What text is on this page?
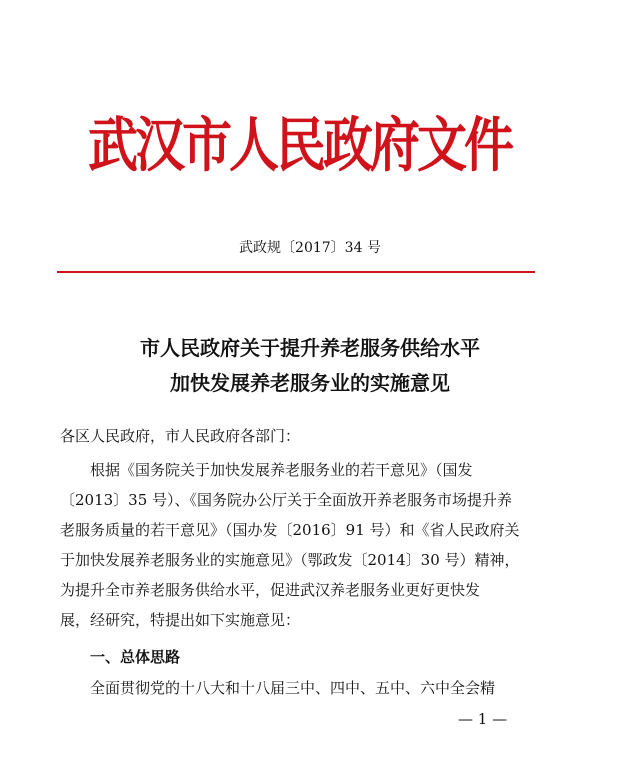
武汉市人民政府文件
武政规〔2017〕34 号
市人民政府关于提升养老服务供给水平
加快发展养老服务业的实施意见
各区人民政府，市人民政府各部门：
根据《国务院关于加快发展养老服务业的若干意见》（国发
〔2013〕35 号）、《国务院办公厅关于全面放开养老服务市场提升养
老服务质量的若干意见》（国办发〔2016〕91 号）和《省人民政府关
于加快发展养老服务业的实施意见》（鄂政发〔2014〕30 号）精神，
为提升全市养老服务供给水平，促进武汉养老服务业更好更快发
展，经研究，特提出如下实施意见：
一、总体思路
全面贯彻党的十八大和十八届三中、四中、五中、六中全会精
— 1 —
